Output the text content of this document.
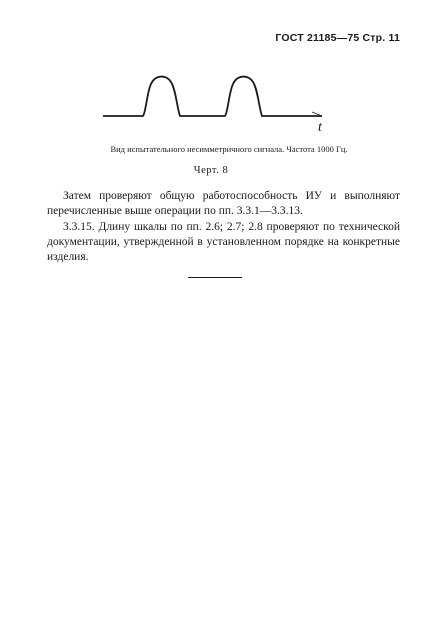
ГОСТ 21185—75 Стр. 11
t
Вид испытательного несимметричного сигнала. Частота 1000 Гц.
Черт. 8

Затем проверяют общую работоспособность ИУ и выполняют перечисленные выше операции по пп. 3.3.1—3.3.13.

3.3.15. Длину шкалы по пп. 2.6; 2.7; 2.8 проверяют по технической документации, утвержденной в установленном порядке на конкретные изделия.
